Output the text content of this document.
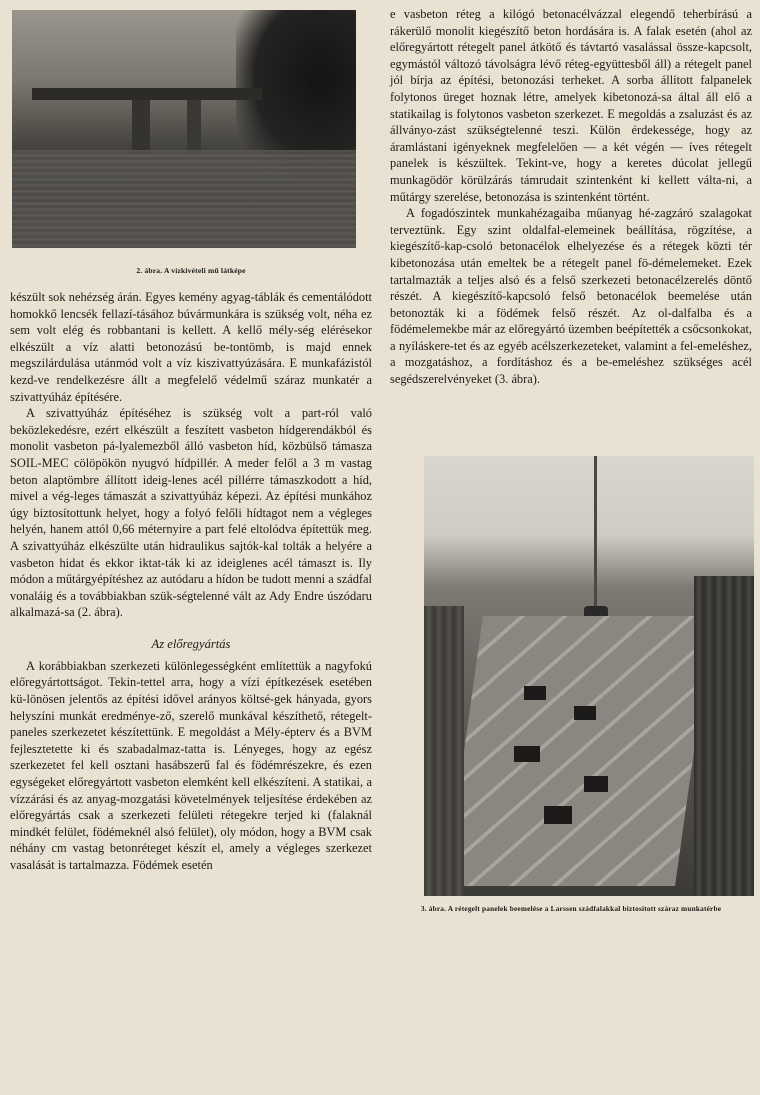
2. ábra. A vízkivételi mű látképe

készült sok nehézség árán. Egyes kemény agyag-táblák és cementálódott homokkő lencsék fellazí-tásához búvármunkára is szükség volt, néha ez sem volt elég és robbantani is kellett. A kellő mély-ség elérésekor elkészült a víz alatti betonozású be-tontömb, is majd ennek megszilárdulása utánmód volt a víz kiszivattyúzására. E munkafázistól kezd-ve rendelkezésre állt a megfelelő védelmű száraz munkatér a szivattyúház építésére.

A szivattyúház építéséhez is szükség volt a part-ról való beközlekedésre, ezért elkészült a feszített vasbeton hídgerendákból és monolit vasbeton pá-lyalemezből álló vasbeton híd, közbülső támasza SOIL-MEC cölöpökön nyugvó hídpillér. A meder felől a 3 m vastag beton alaptömbre állított ideig-lenes acél pillérre támaszkodott a híd, mivel a vég-leges támaszát a szivattyúház képezi. Az építési munkához úgy biztosítottunk helyet, hogy a folyó felőli hídtagot nem a végleges helyén, hanem attól 0,66 méternyire a part felé eltolódva építettük meg. A szivattyúház elkészülte után hidraulikus sajtók-kal tolták a helyére a vasbeton hidat és ekkor iktat-ták ki az ideiglenes acél támaszt is. Ily módon a műtárgyépítéshez az autódaru a hídon be tudott menni a szádfal vonaláig és a továbbiakban szük-ségtelenné vált az Ady Endre úszódaru alkalmazá-sa (2. ábra).

Az előregyártás

A korábbiakban szerkezeti különlegességként említettük a nagyfokú előregyártottságot. Tekin-tettel arra, hogy a vízi építkezések esetében kü-lönösen jelentős az építési idővel arányos költsé-gek hányada, gyors helyszíni munkát eredménye-ző, szerelő munkával készíthető, rétegelt-paneles szerkezetet készítettünk. E megoldást a Mély-épterv és a BVM fejlesztetette ki és szabadalmaz-tatta is. Lényeges, hogy az egész szerkezetet fel kell osztani hasábszerű fal és födémrészekre, és ezen egységeket előregyártott vasbeton elemként kell elkészíteni. A statikai, a vízzárási és az anyag-mozgatási követelmények teljesítése érdekében az előregyártás csak a szerkezeti felületi rétegekre terjed ki (falaknál mindkét felület, födémeknél alsó felület), oly módon, hogy a BVM csak néhány cm vastag betonréteget készít el, amely a végleges szerkezet vasalását is tartalmazza. Födémek esetén

e vasbeton réteg a kilógó betonacélvázzal elegendő teherbírású a rákerülő monolit kiegészítő beton hordására is. A falak esetén (ahol az előregyártott rétegelt panel átkötő és távtartó vasalással össze-kapcsolt, egymástól változó távolságra lévő réteg-együttesből áll) a rétegelt panel jól bírja az építési, betonozási terheket. A sorba állított falpanelek folytonos üreget hoznak létre, amelyek kibetonozá-sa által áll elő a statikailag is folytonos vasbeton szerkezet. E megoldás a zsaluzást és az állványo-zást szükségtelenné teszi. Külön érdekessége, hogy az áramlástani igényeknek megfelelően — a két végén — íves rétegelt panelek is készültek. Tekint-ve, hogy a keretes dúcolat jellegű munkagödör körülzárás támrudait szintenként ki kellett válta-ni, a műtárgy szerelése, betonozása is szintenként történt.

A fogadószintek munkahézagaiba műanyag hé-zagzáró szalagokat terveztünk. Egy szint oldalfal-elemeinek beállítása, rögzítése, a kiegészítő-kap-csoló betonacélok elhelyezése és a rétegek közti tér kibetonozása után emeltek be a rétegelt panel fö-démelemeket. Ezek tartalmazták a teljes alsó és a felső szerkezeti betonacélzerelés döntő részét. A kiegészítő-kapcsoló felső betonacélok beemelése után betonozták ki a födémek felső részét. Az ol-dalfalba és a födémelemekbe már az előregyártó üzemben beépítették a csőcsonkokat, a nyíláskere-tet és az egyéb acélszerkezeteket, valamint a fel-emeléshez, a mozgatáshoz, a fordításhoz és a be-emeléshez szükséges acél segédszerelvényeket (3. ábra).

3. ábra. A rétegelt panelek beemelése a Larssen szádfalakkal biztosított száraz munkatérbe
